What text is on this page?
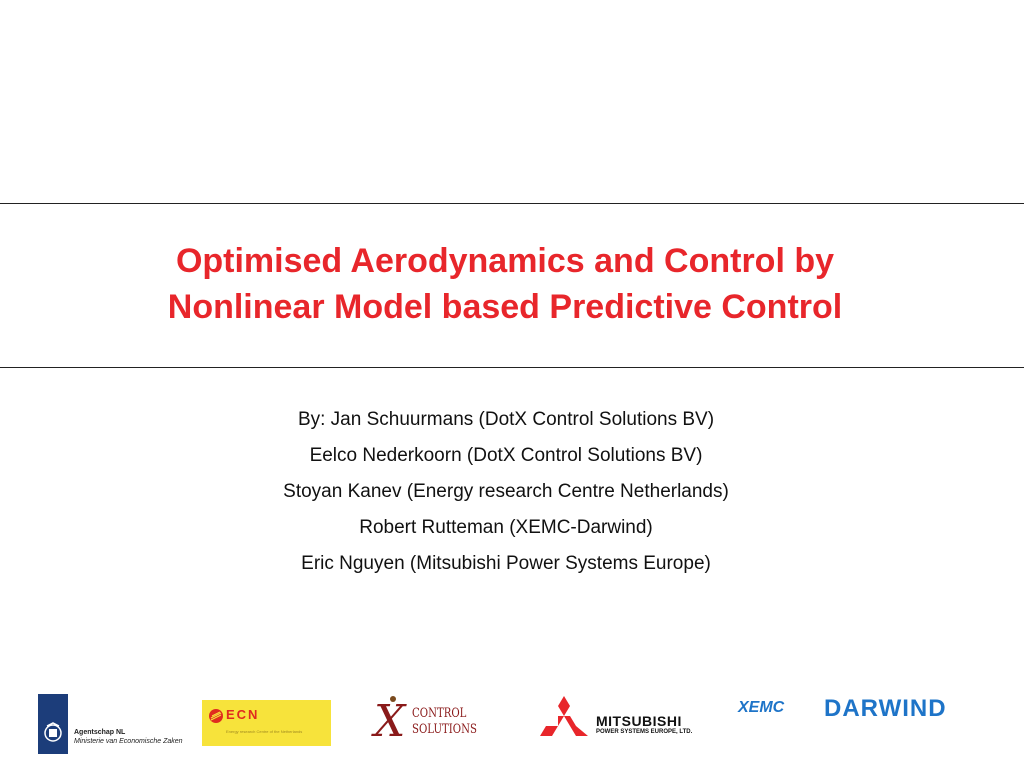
Optimised Aerodynamics and Control by
Nonlinear Model based Predictive Control
By: Jan Schuurmans (DotX Control Solutions BV)
Eelco Nederkoorn (DotX Control Solutions BV)
Stoyan Kanev (Energy research Centre Netherlands)
Robert Rutteman (XEMC-Darwind)
Eric Nguyen (Mitsubishi Power Systems Europe)
Agentschap NL
Ministerie van Economische Zaken
ECN
Energy research Centre of the Netherlands X CONTROL
SOLUTIONS
MITSUBISHI
POWER SYSTEMS EUROPE, LTD.
XEMC DARWIND
